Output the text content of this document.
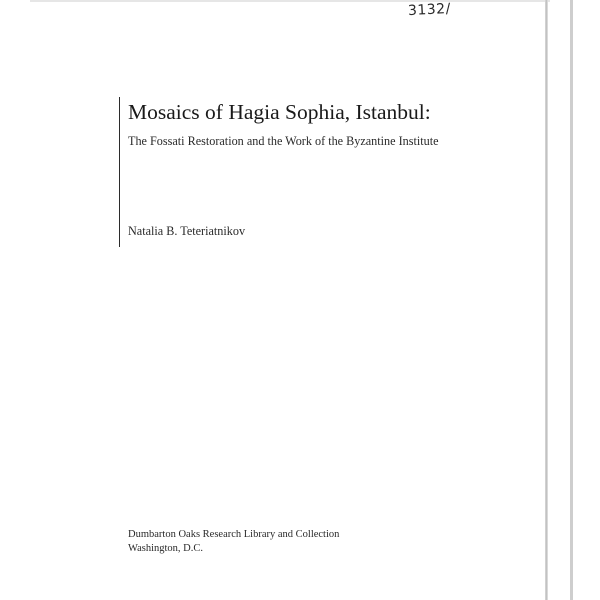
3132/
Mosaics of Hagia Sophia, Istanbul:
The Fossati Restoration and the Work of the Byzantine Institute
Natalia B. Teteriatnikov
Dumbarton Oaks Research Library and Collection
Washington, D.C.
